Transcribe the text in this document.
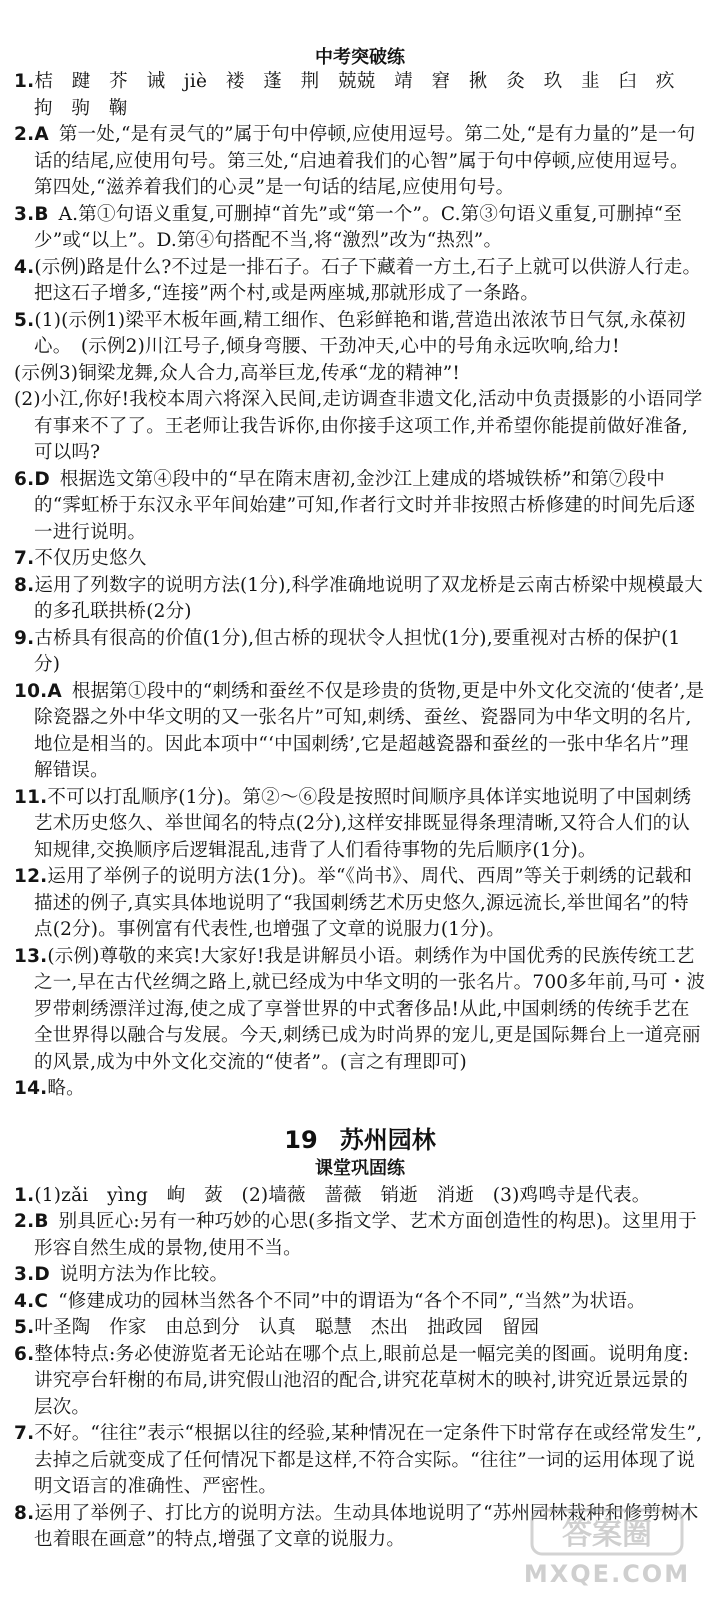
中考突破练

1.桔　踺　芥　诫　jiè　褛　蓬　荆　兢兢　靖　窘　揪　灸　玖　韭　臼　疚　拘　驹　鞠

2.A 第一处,“是有灵气的”属于句中停顿,应使用逗号。第二处,“是有力量的”是一句话的结尾,应使用句号。第三处,“启迪着我们的心智”属于句中停顿,应使用逗号。第四处,“滋养着我们的心灵”是一句话的结尾,应使用句号。

3.B A.第①句语义重复,可删掉“首先”或“第一个”。C.第③句语义重复,可删掉“至少”或“以上”。D.第④句搭配不当,将“激烈”改为“热烈”。

4.(示例)路是什么?不过是一排石子。石子下藏着一方土,石子上就可以供游人行走。把这石子增多,“连接”两个村,或是两座城,那就形成了一条路。

5.(1)(示例1)梁平木板年画,精工细作、色彩鲜艳和谐,营造出浓浓节日气氛,永葆初心。　(示例2)川江号子,倾身弯腰、干劲冲天,心中的号角永远吹响,给力!
(示例3)铜梁龙舞,众人合力,高举巨龙,传承“龙的精神”!
(2)小江,你好!我校本周六将深入民间,走访调查非遗文化,活动中负责摄影的小语同学有事来不了了。王老师让我告诉你,由你接手这项工作,并希望你能提前做好准备,可以吗?

6.D 根据选文第④段中的“早在隋末唐初,金沙江上建成的塔城铁桥”和第⑦段中的“霁虹桥于东汉永平年间始建”可知,作者行文时并非按照古桥修建的时间先后逐一进行说明。

7.不仅历史悠久

8.运用了列数字的说明方法(1分),科学准确地说明了双龙桥是云南古桥梁中规模最大的多孔联拱桥(2分)

9.古桥具有很高的价值(1分),但古桥的现状令人担忧(1分),要重视对古桥的保护(1分)

10.A 根据第①段中的“刺绣和蚕丝不仅是珍贵的货物,更是中外文化交流的‘使者’,是除瓷器之外中华文明的又一张名片”可知,刺绣、蚕丝、瓷器同为中华文明的名片,地位是相当的。因此本项中“‘中国刺绣’,它是超越瓷器和蚕丝的一张中华名片”理解错误。

11.不可以打乱顺序(1分)。第②～⑥段是按照时间顺序具体详实地说明了中国刺绣艺术历史悠久、举世闻名的特点(2分),这样安排既显得条理清晰,又符合人们的认知规律,交换顺序后逻辑混乱,违背了人们看待事物的先后顺序(1分)。

12.运用了举例子的说明方法(1分)。举“《尚书》、周代、西周”等关于刺绣的记载和描述的例子,真实具体地说明了“我国刺绣艺术历史悠久,源远流长,举世闻名”的特点(2分)。事例富有代表性,也增强了文章的说服力(1分)。

13.(示例)尊敬的来宾!大家好!我是讲解员小语。刺绣作为中国优秀的民族传统工艺之一,早在古代丝绸之路上,就已经成为中华文明的一张名片。700多年前,马可・波罗带刺绣漂洋过海,使之成了享誉世界的中式奢侈品!从此,中国刺绣的传统手艺在全世界得以融合与发展。今天,刺绣已成为时尚界的宠儿,更是国际舞台上一道亮丽的风景,成为中外文化交流的“使者”。(言之有理即可)

14.略。

19 苏州园林
课堂巩固练

1.(1)zǎi　yìng　峋　蔹　(2)墙薇　蔷薇　销逝　消逝　(3)鸡鸣寺是代表。

2.B 别具匠心:另有一种巧妙的心思(多指文学、艺术方面创造性的构思)。这里用于形容自然生成的景物,使用不当。

3.D 说明方法为作比较。

4.C “修建成功的园林当然各个不同”中的谓语为“各个不同”,“当然”为状语。

5.叶圣陶　作家　由总到分　认真　聪慧　杰出　拙政园　留园

6.整体特点:务必使游览者无论站在哪个点上,眼前总是一幅完美的图画。说明角度:讲究亭台轩榭的布局,讲究假山池沼的配合,讲究花草树木的映衬,讲究近景远景的层次。

7.不好。“往往”表示“根据以往的经验,某种情况在一定条件下时常存在或经常发生”,去掉之后就变成了任何情况下都是这样,不符合实际。“往往”一词的运用体现了说明文语言的准确性、严密性。

8.运用了举例子、打比方的说明方法。生动具体地说明了“苏州园林栽种和修剪树木也着眼在画意”的特点,增强了文章的说服力。	答案圈
MXQE.COM
